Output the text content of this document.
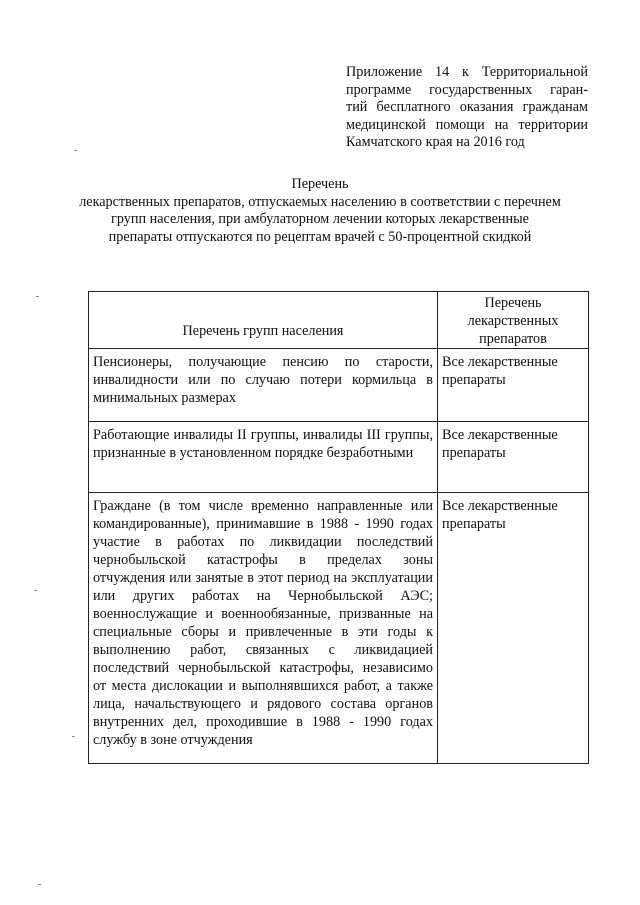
Приложение 14 к Территориальной
программе государственных гаран-
тий бесплатного оказания гражданам
медицинской помощи на территории
Камчатского края на 2016 год
Перечень
лекарственных препаратов, отпускаемых населению в соответствии с перечнем групп населения, при амбулаторном лечении которых лекарственные
препараты отпускаются по рецептам врачей с 50-процентной скидкой
Перечень групп населения	Перечень лекарственных препаратов
Пенсионеры, получающие пенсию по старости, инвалидности или по случаю потери кормильца в минимальных размерах	Все лекарственные препараты
Работающие инвалиды II группы, инвалиды III группы, признанные в установленном порядке безработными	Все лекарственные препараты
Граждане (в том числе временно направленные или командированные), принимавшие в 1988 - 1990 годах участие в работах по ликвидации последствий чернобыльской катастрофы в пределах зоны отчуждения или занятые в этот период на эксплуатации или других работах на Чернобыльской АЭС; военнослужащие и военнообязанные, призванные на специальные сборы и привлеченные в эти годы к выполнению работ, связанных с ликвидацией последствий чернобыльской катастрофы, независимо от места дислокации и выполнявшихся работ, а также лица, начальствующего и рядового состава органов внутренних дел, проходившие в 1988 - 1990 годах службу в зоне отчуждения	Все лекарственные препараты
